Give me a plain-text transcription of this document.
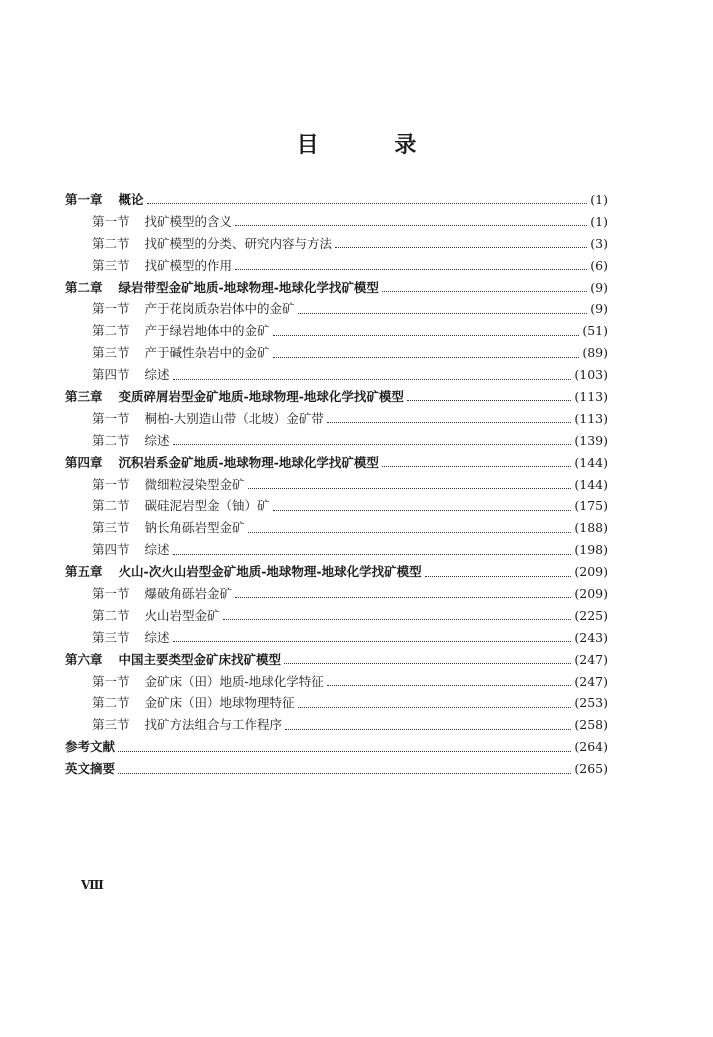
目 录
第一章 概论	(1)
第一节 找矿模型的含义	(1)
第二节 找矿模型的分类、研究内容与方法	(3)
第三节 找矿模型的作用	(6)
第二章 绿岩带型金矿地质-地球物理-地球化学找矿模型	(9)
第一节 产于花岗质杂岩体中的金矿	(9)
第二节 产于绿岩地体中的金矿	(51)
第三节 产于碱性杂岩中的金矿	(89)
第四节 综述	(103)
第三章 变质碎屑岩型金矿地质-地球物理-地球化学找矿模型	(113)
第一节 桐柏-大别造山带（北坡）金矿带	(113)
第二节 综述	(139)
第四章 沉积岩系金矿地质-地球物理-地球化学找矿模型	(144)
第一节 微细粒浸染型金矿	(144)
第二节 碳硅泥岩型金（铀）矿	(175)
第三节 钠长角砾岩型金矿	(188)
第四节 综述	(198)
第五章 火山-次火山岩型金矿地质-地球物理-地球化学找矿模型	(209)
第一节 爆破角砾岩金矿	(209)
第二节 火山岩型金矿	(225)
第三节 综述	(243)
第六章 中国主要类型金矿床找矿模型	(247)
第一节 金矿床（田）地质-地球化学特征	(247)
第二节 金矿床（田）地球物理特征	(253)
第三节 找矿方法组合与工作程序	(258)
参考文献	(264)
英文摘要	(265)
Ⅷ
